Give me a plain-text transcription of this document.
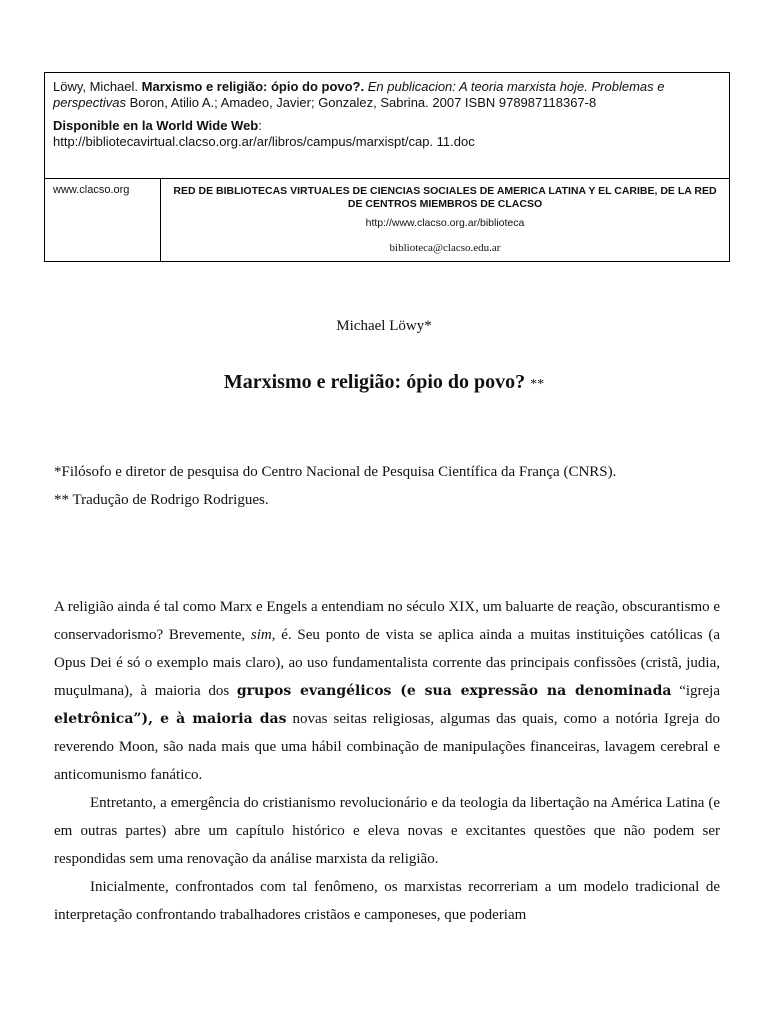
Löwy, Michael. Marxismo e religião: ópio do povo?. En publicacion: A teoria marxista hoje. Problemas e perspectivas Boron, Atilio A.; Amadeo, Javier; Gonzalez, Sabrina. 2007 ISBN 978987118367-8

Disponible en la World Wide Web:
http://bibliotecavirtual.clacso.org.ar/ar/libros/campus/marxispt/cap. 11.doc

www.clacso.org	RED DE BIBLIOTECAS VIRTUALES DE CIENCIAS SOCIALES DE AMERICA LATINA Y EL CARIBE, DE LA RED DE CENTROS MIEMBROS DE CLACSO

http://www.clacso.org.ar/biblioteca

biblioteca@clacso.edu.ar

Michael Löwy*
Marxismo e religião: ópio do povo? **

*Filósofo e diretor de pesquisa do Centro Nacional de Pesquisa Científica da França (CNRS).

** Tradução de Rodrigo Rodrigues.

A religião ainda é tal como Marx e Engels a entendiam no século XIX, um baluarte de reação, obscurantismo e conservadorismo? Brevemente, sim, é. Seu ponto de vista se aplica ainda a muitas instituições católicas (a Opus Dei é só o exemplo mais claro), ao uso fundamentalista corrente das principais confissões (cristã, judia, muçulmana), à maioria dos grupos evangélicos (e sua expressão na denominada “igreja eletrônica”), e à maioria das novas seitas religiosas, algumas das quais, como a notória Igreja do reverendo Moon, são nada mais que uma hábil combinação de manipulações financeiras, lavagem cerebral e anticomunismo fanático.

Entretanto, a emergência do cristianismo revolucionário e da teologia da libertação na América Latina (e em outras partes) abre um capítulo histórico e eleva novas e excitantes questões que não podem ser respondidas sem uma renovação da análise marxista da religião.

Inicialmente, confrontados com tal fenômeno, os marxistas recorreriam a um modelo tradicional de interpretação confrontando trabalhadores cristãos e camponeses, que poderiam
